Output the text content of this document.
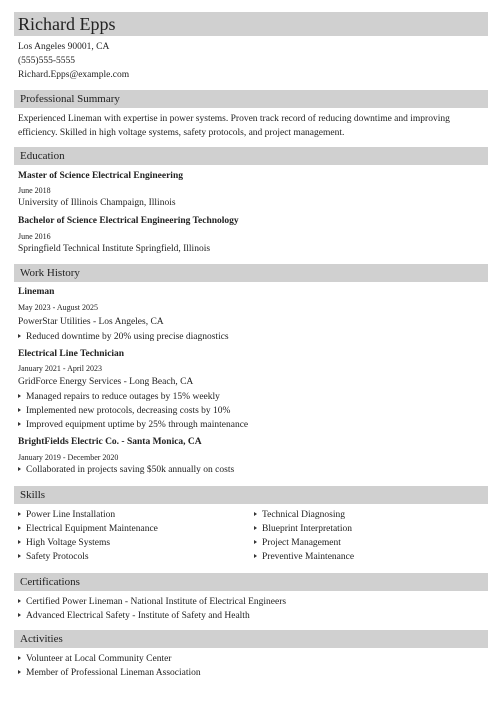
Richard Epps
Los Angeles 90001, CA
(555)555-5555
Richard.Epps@example.com
Professional Summary
Experienced Lineman with expertise in power systems. Proven track record of reducing downtime and improving efficiency. Skilled in high voltage systems, safety protocols, and project management.
Education
Master of Science Electrical Engineering
June 2018
University of Illinois Champaign, Illinois
Bachelor of Science Electrical Engineering Technology
June 2016
Springfield Technical Institute Springfield, Illinois
Work History
Lineman
May 2023 - August 2025
PowerStar Utilities - Los Angeles, CA
Reduced downtime by 20% using precise diagnostics
Electrical Line Technician
January 2021 - April 2023
GridForce Energy Services - Long Beach, CA
Managed repairs to reduce outages by 15% weekly
Implemented new protocols, decreasing costs by 10%
Improved equipment uptime by 25% through maintenance
BrightFields Electric Co. - Santa Monica, CA
January 2019 - December 2020
Collaborated in projects saving $50k annually on costs
Skills
Power Line Installation
Electrical Equipment Maintenance
High Voltage Systems
Safety Protocols
Technical Diagnosing
Blueprint Interpretation
Project Management
Preventive Maintenance
Certifications
Certified Power Lineman - National Institute of Electrical Engineers
Advanced Electrical Safety - Institute of Safety and Health
Activities
Volunteer at Local Community Center
Member of Professional Lineman Association
